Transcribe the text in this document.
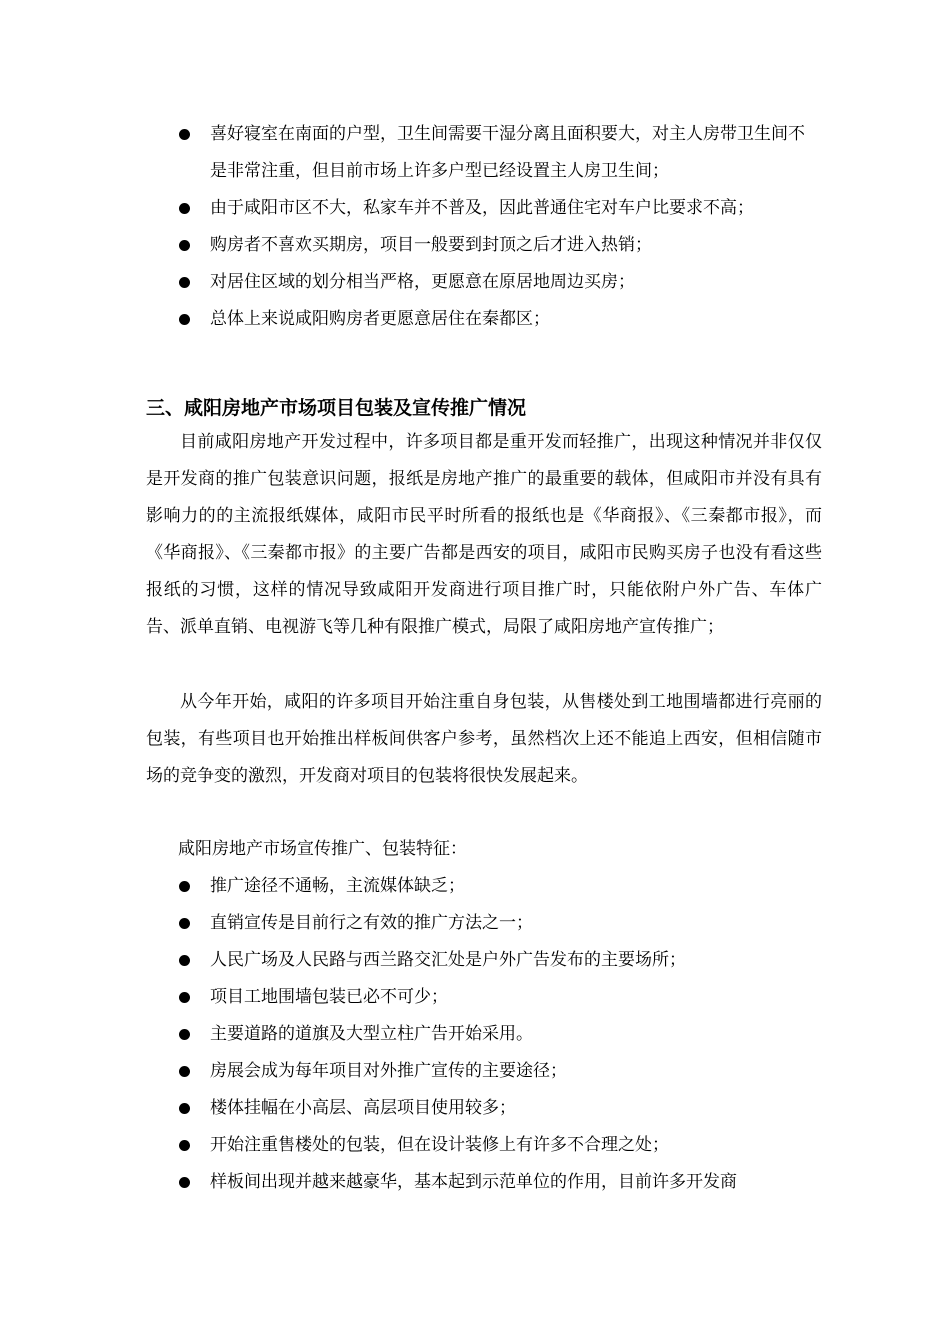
喜好寝室在南面的户型，卫生间需要干湿分离且面积要大，对主人房带卫生间不是非常注重，但目前市场上许多户型已经设置主人房卫生间；
由于咸阳市区不大，私家车并不普及，因此普通住宅对车户比要求不高；
购房者不喜欢买期房，项目一般要到封顶之后才进入热销；
对居住区域的划分相当严格，更愿意在原居地周边买房；
总体上来说咸阳购房者更愿意居住在秦都区；
三、咸阳房地产市场项目包装及宣传推广情况

目前咸阳房地产开发过程中，许多项目都是重开发而轻推广，出现这种情况并非仅仅是开发商的推广包装意识问题，报纸是房地产推广的最重要的载体，但咸阳市并没有具有影响力的的主流报纸媒体，咸阳市民平时所看的报纸也是《华商报》、《三秦都市报》，而《华商报》、《三秦都市报》的主要广告都是西安的项目，咸阳市民购买房子也没有看这些报纸的习惯，这样的情况导致咸阳开发商进行项目推广时，只能依附户外广告、车体广告、派单直销、电视游飞等几种有限推广模式，局限了咸阳房地产宣传推广；

从今年开始，咸阳的许多项目开始注重自身包装，从售楼处到工地围墙都进行亮丽的包装，有些项目也开始推出样板间供客户参考，虽然档次上还不能追上西安，但相信随市场的竞争变的激烈，开发商对项目的包装将很快发展起来。

咸阳房地产市场宣传推广、包装特征：

推广途径不通畅，主流媒体缺乏；
直销宣传是目前行之有效的推广方法之一；
人民广场及人民路与西兰路交汇处是户外广告发布的主要场所；
项目工地围墙包装已必不可少；
主要道路的道旗及大型立柱广告开始采用。
房展会成为每年项目对外推广宣传的主要途径；
楼体挂幅在小高层、高层项目使用较多；
开始注重售楼处的包装，但在设计装修上有许多不合理之处；
样板间出现并越来越豪华，基本起到示范单位的作用，目前许多开发商
